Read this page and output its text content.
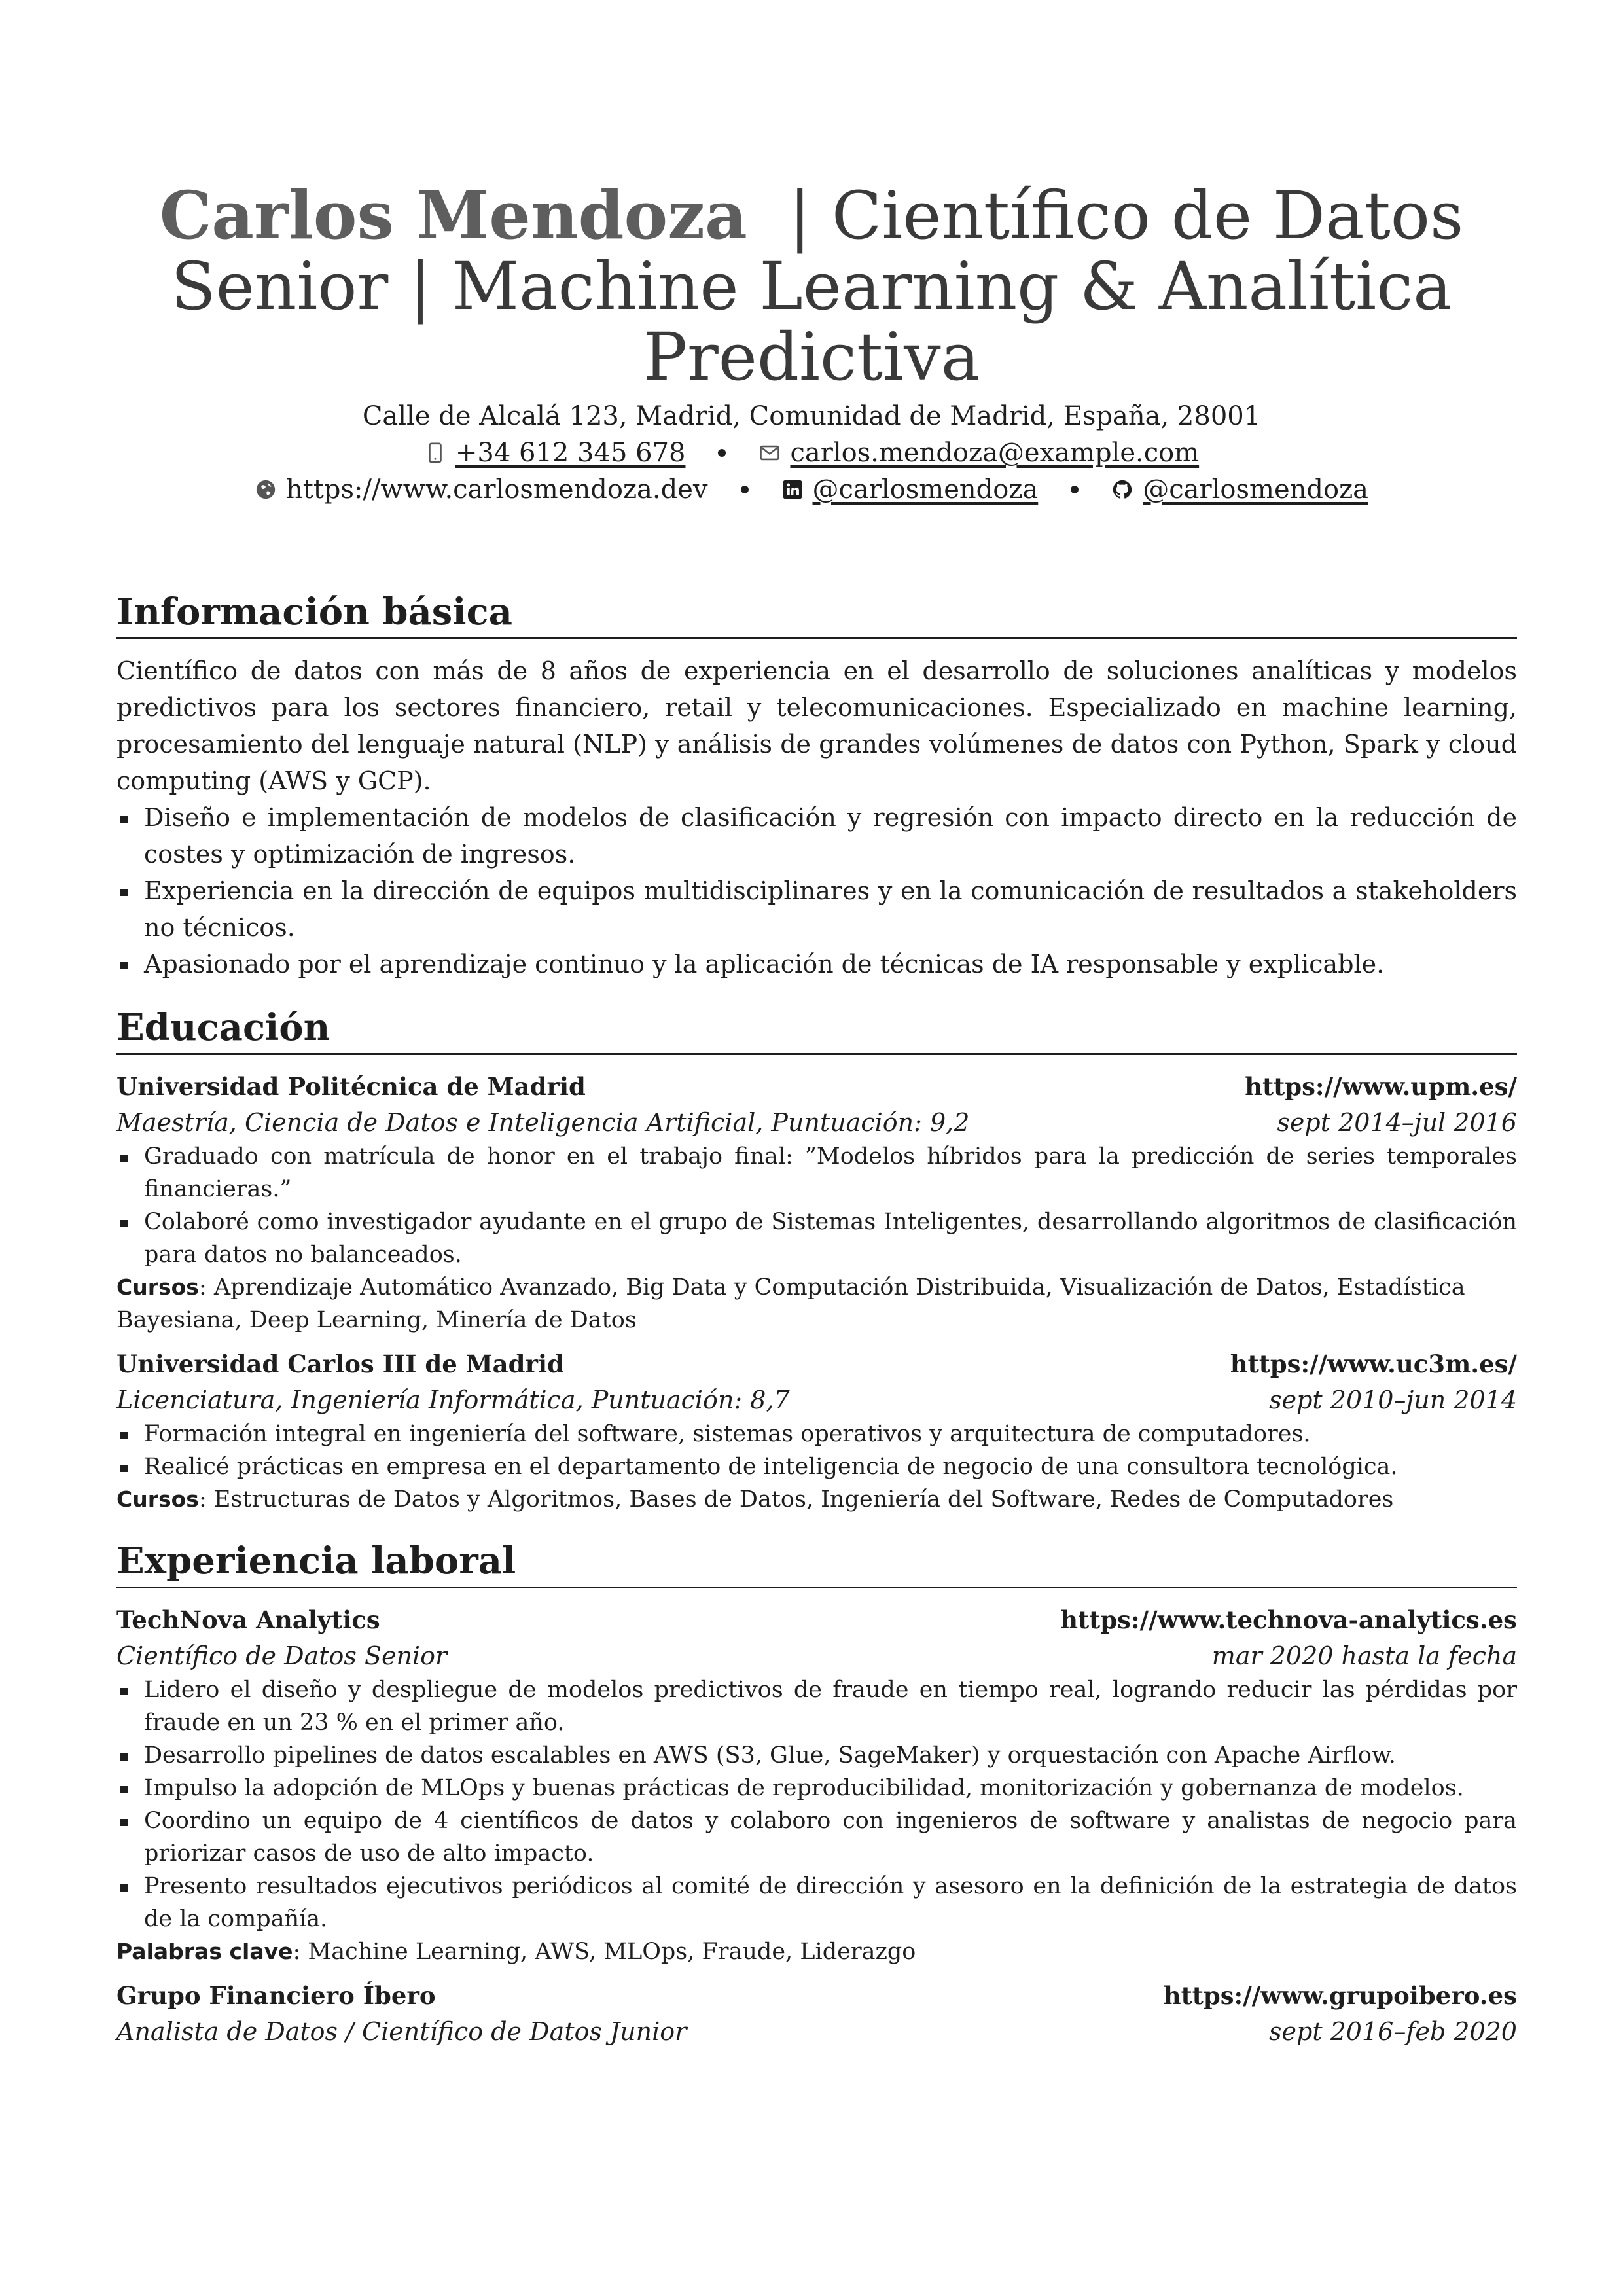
Carlos Mendoza | Científico de Datos Senior | Machine Learning & Analítica Predictiva

Calle de Alcalá 123, Madrid, Comunidad de Madrid, España, 28001
+34 612 345 678	carlos.mendoza@example.com
https://www.carlosmendoza.dev	@carlosmendoza	@carlosmendoza
Información básica

Científico de datos con más de 8 años de experiencia en el desarrollo de soluciones analíticas y modelos predictivos para los sectores financiero, retail y telecomunicaciones. Especializado en machine learning, procesamiento del lenguaje natural (NLP) y análisis de grandes volúmenes de datos con Python, Spark y cloud computing (AWS y GCP).

Diseño e implementación de modelos de clasificación y regresión con impacto directo en la reducción de costes y optimización de ingresos.
Experiencia en la dirección de equipos multidisciplinares y en la comunicación de resultados a stakeholders no técnicos.
Apasionado por el aprendizaje continuo y la aplicación de técnicas de IA responsable y explicable.
Educación
Universidad Politécnica de Madrid	https://www.upm.es/
Maestría, Ciencia de Datos e Inteligencia Artificial, Puntuación: 9,2	sept 2014–jul 2016
Graduado con matrícula de honor en el trabajo final: ”Modelos híbridos para la predicción de series temporales financieras.”
Colaboré como investigador ayudante en el grupo de Sistemas Inteligentes, desarrollando algoritmos de clasificación para datos no balanceados.
Cursos: Aprendizaje Automático Avanzado, Big Data y Computación Distribuida, Visualización de Datos, Estadística Bayesiana, Deep Learning, Minería de Datos
Universidad Carlos III de Madrid	https://www.uc3m.es/
Licenciatura, Ingeniería Informática, Puntuación: 8,7	sept 2010–jun 2014
Formación integral en ingeniería del software, sistemas operativos y arquitectura de computadores.
Realicé prácticas en empresa en el departamento de inteligencia de negocio de una consultora tecnológica.
Cursos: Estructuras de Datos y Algoritmos, Bases de Datos, Ingeniería del Software, Redes de Computadores
Experiencia laboral
TechNova Analytics	https://www.technova-analytics.es
Científico de Datos Senior	mar 2020 hasta la fecha
Lidero el diseño y despliegue de modelos predictivos de fraude en tiempo real, logrando reducir las pérdidas por fraude en un 23 % en el primer año.
Desarrollo pipelines de datos escalables en AWS (S3, Glue, SageMaker) y orquestación con Apache Airflow.
Impulso la adopción de MLOps y buenas prácticas de reproducibilidad, monitorización y gobernanza de modelos.
Coordino un equipo de 4 científicos de datos y colaboro con ingenieros de software y analistas de negocio para priorizar casos de uso de alto impacto.
Presento resultados ejecutivos periódicos al comité de dirección y asesoro en la definición de la estrategia de datos de la compañía.
Palabras clave: Machine Learning, AWS, MLOps, Fraude, Liderazgo
Grupo Financiero Íbero	https://www.grupoibero.es
Analista de Datos / Científico de Datos Junior	sept 2016–feb 2020
